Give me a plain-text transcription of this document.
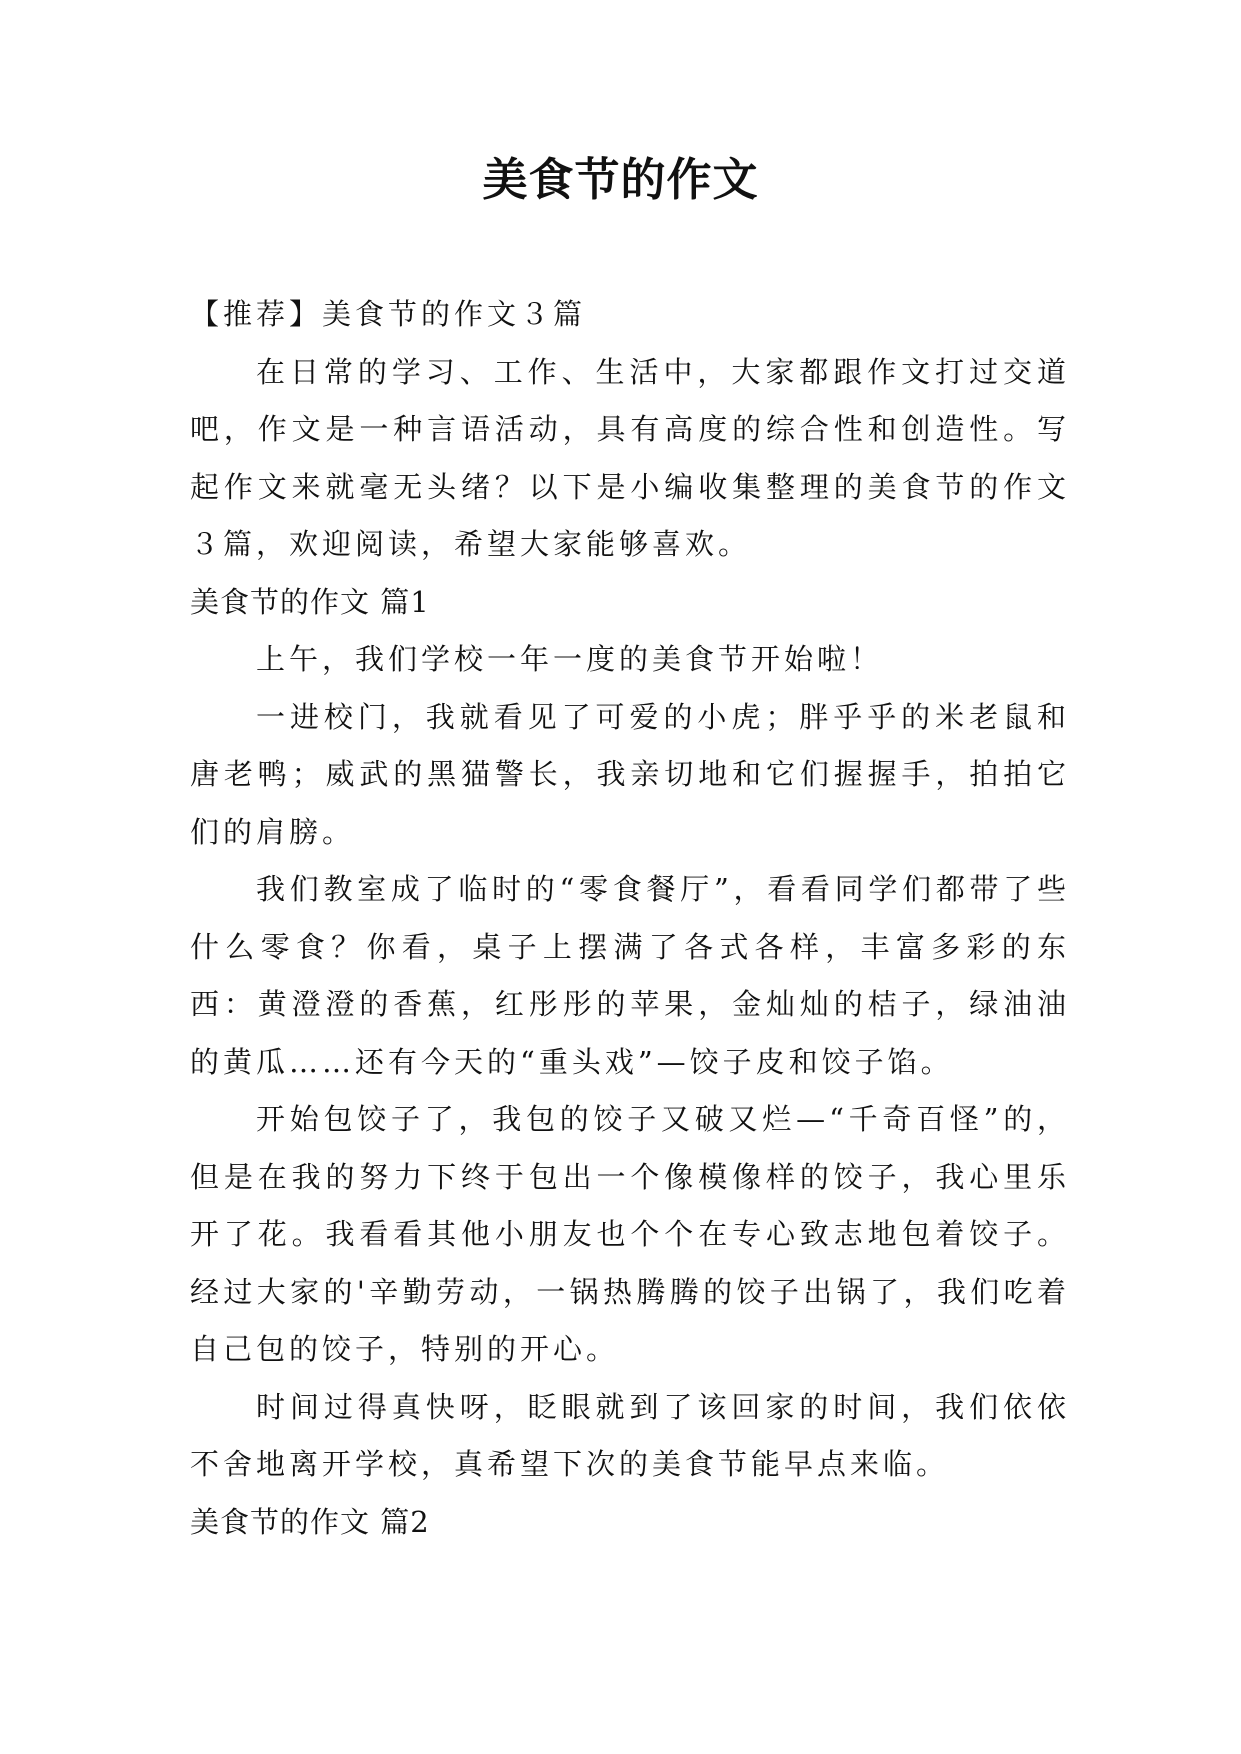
美食节的作文

【推荐】美食节的作文３篇

在日常的学习、工作、生活中，大家都跟作文打过交道吧，作文是一种言语活动，具有高度的综合性和创造性。写起作文来就毫无头绪？以下是小编收集整理的美食节的作文３篇，欢迎阅读，希望大家能够喜欢。

美食节的作文 篇1

上午，我们学校一年一度的美食节开始啦！

一进校门，我就看见了可爱的小虎；胖乎乎的米老鼠和唐老鸭；威武的黑猫警长，我亲切地和它们握握手，拍拍它们的肩膀。

我们教室成了临时的“零食餐厅”，看看同学们都带了些什么零食？你看，桌子上摆满了各式各样，丰富多彩的东西：黄澄澄的香蕉，红彤彤的苹果，金灿灿的桔子，绿油油的黄瓜……还有今天的“重头戏”—饺子皮和饺子馅。

开始包饺子了，我包的饺子又破又烂—“千奇百怪”的，但是在我的努力下终于包出一个像模像样的饺子，我心里乐开了花。我看看其他小朋友也个个在专心致志地包着饺子。经过大家的'辛勤劳动，一锅热腾腾的饺子出锅了，我们吃着自己包的饺子，特别的开心。

时间过得真快呀，眨眼就到了该回家的时间，我们依依不舍地离开学校，真希望下次的美食节能早点来临。

美食节的作文 篇2
